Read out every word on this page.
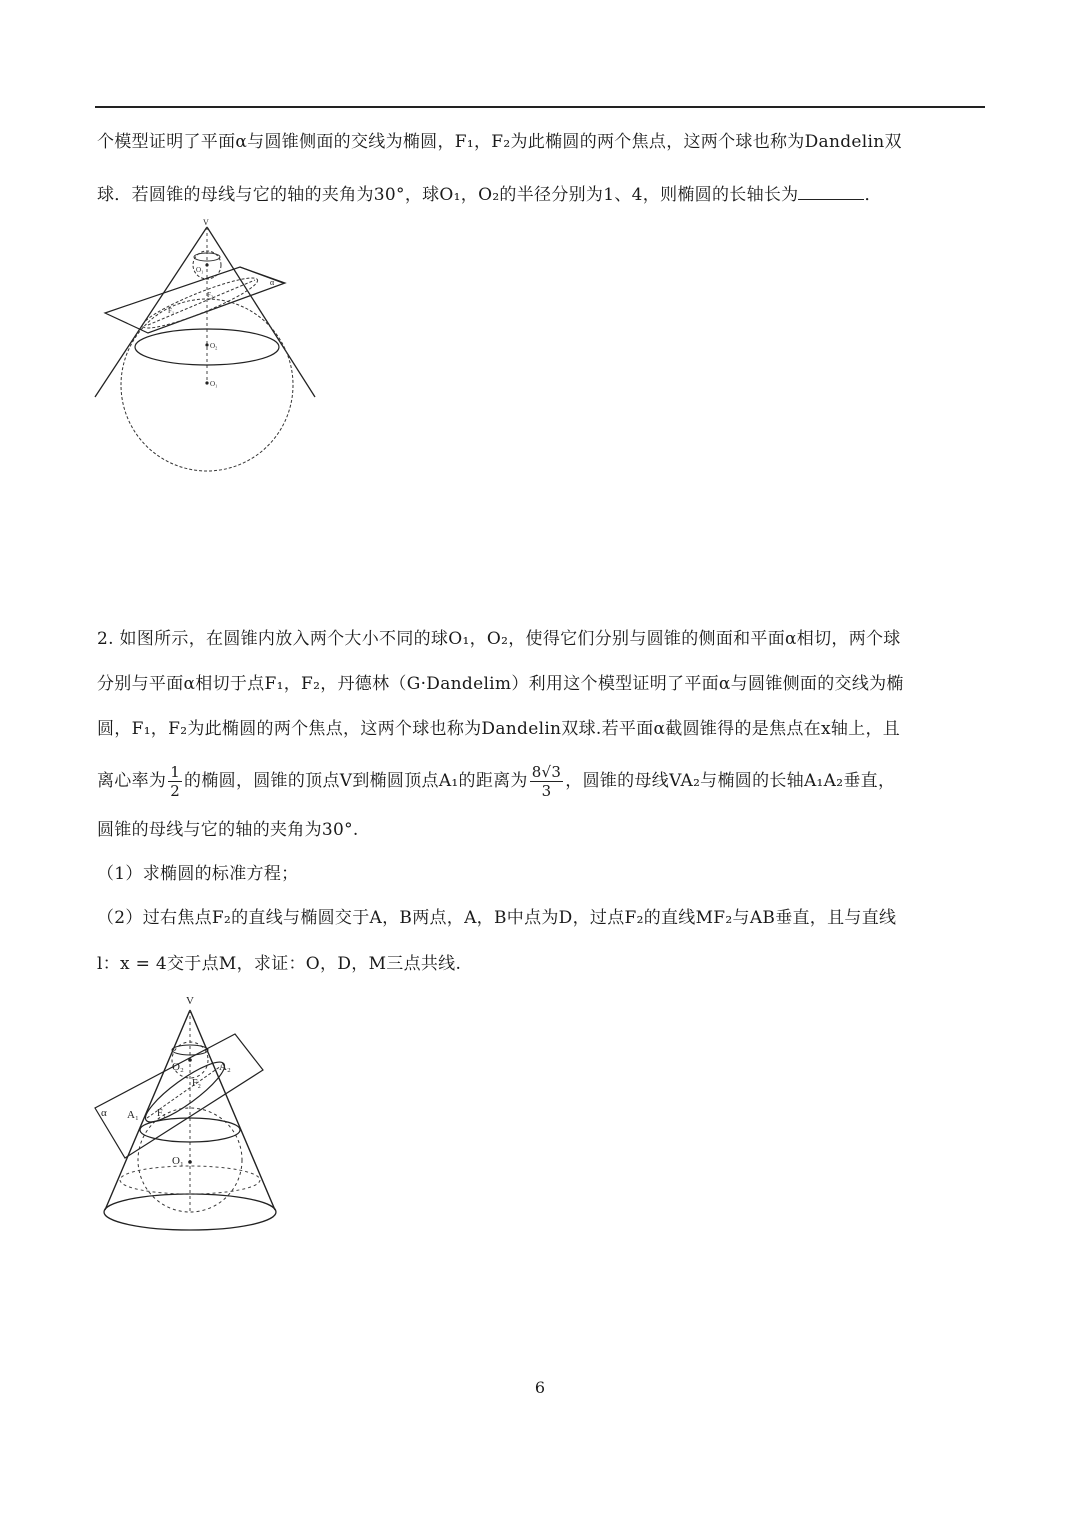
个模型证明了平面α与圆锥侧面的交线为椭圆，F₁，F₂为此椭圆的两个焦点，这两个球也称为Dandelin双
球．若圆锥的母线与它的轴的夹角为30°，球O₁，O₂的半径分别为1、4，则椭圆的长轴长为	．
V
O₁
F₂
F₁
O₂
O₁
α
2. 如图所示，在圆锥内放入两个大小不同的球O₁，O₂，使得它们分别与圆锥的侧面和平面α相切，两个球
分别与平面α相切于点F₁，F₂，丹德林（G·Dandelim）利用这个模型证明了平面α与圆锥侧面的交线为椭
圆，F₁，F₂为此椭圆的两个焦点，这两个球也称为Dandelin双球.若平面α截圆锥得的是焦点在x轴上，且
离心率为 $\frac{1}{2}$ 的椭圆，圆锥的顶点V到椭圆顶点A₁的距离为 $\frac{8√3}{3}$ ，圆锥的母线VA₂与椭圆的长轴A₁A₂垂直，
圆锥的母线与它的轴的夹角为30°.
（1）求椭圆的标准方程；
（2）过右焦点F₂的直线与椭圆交于A，B两点，A，B中点为D，过点F₂的直线MF₂与AB垂直，且与直线
l：x = 4交于点M，求证：O，D，M三点共线.
V
O₂	A₂
F₂
α A₁ F₁
O₁
6
